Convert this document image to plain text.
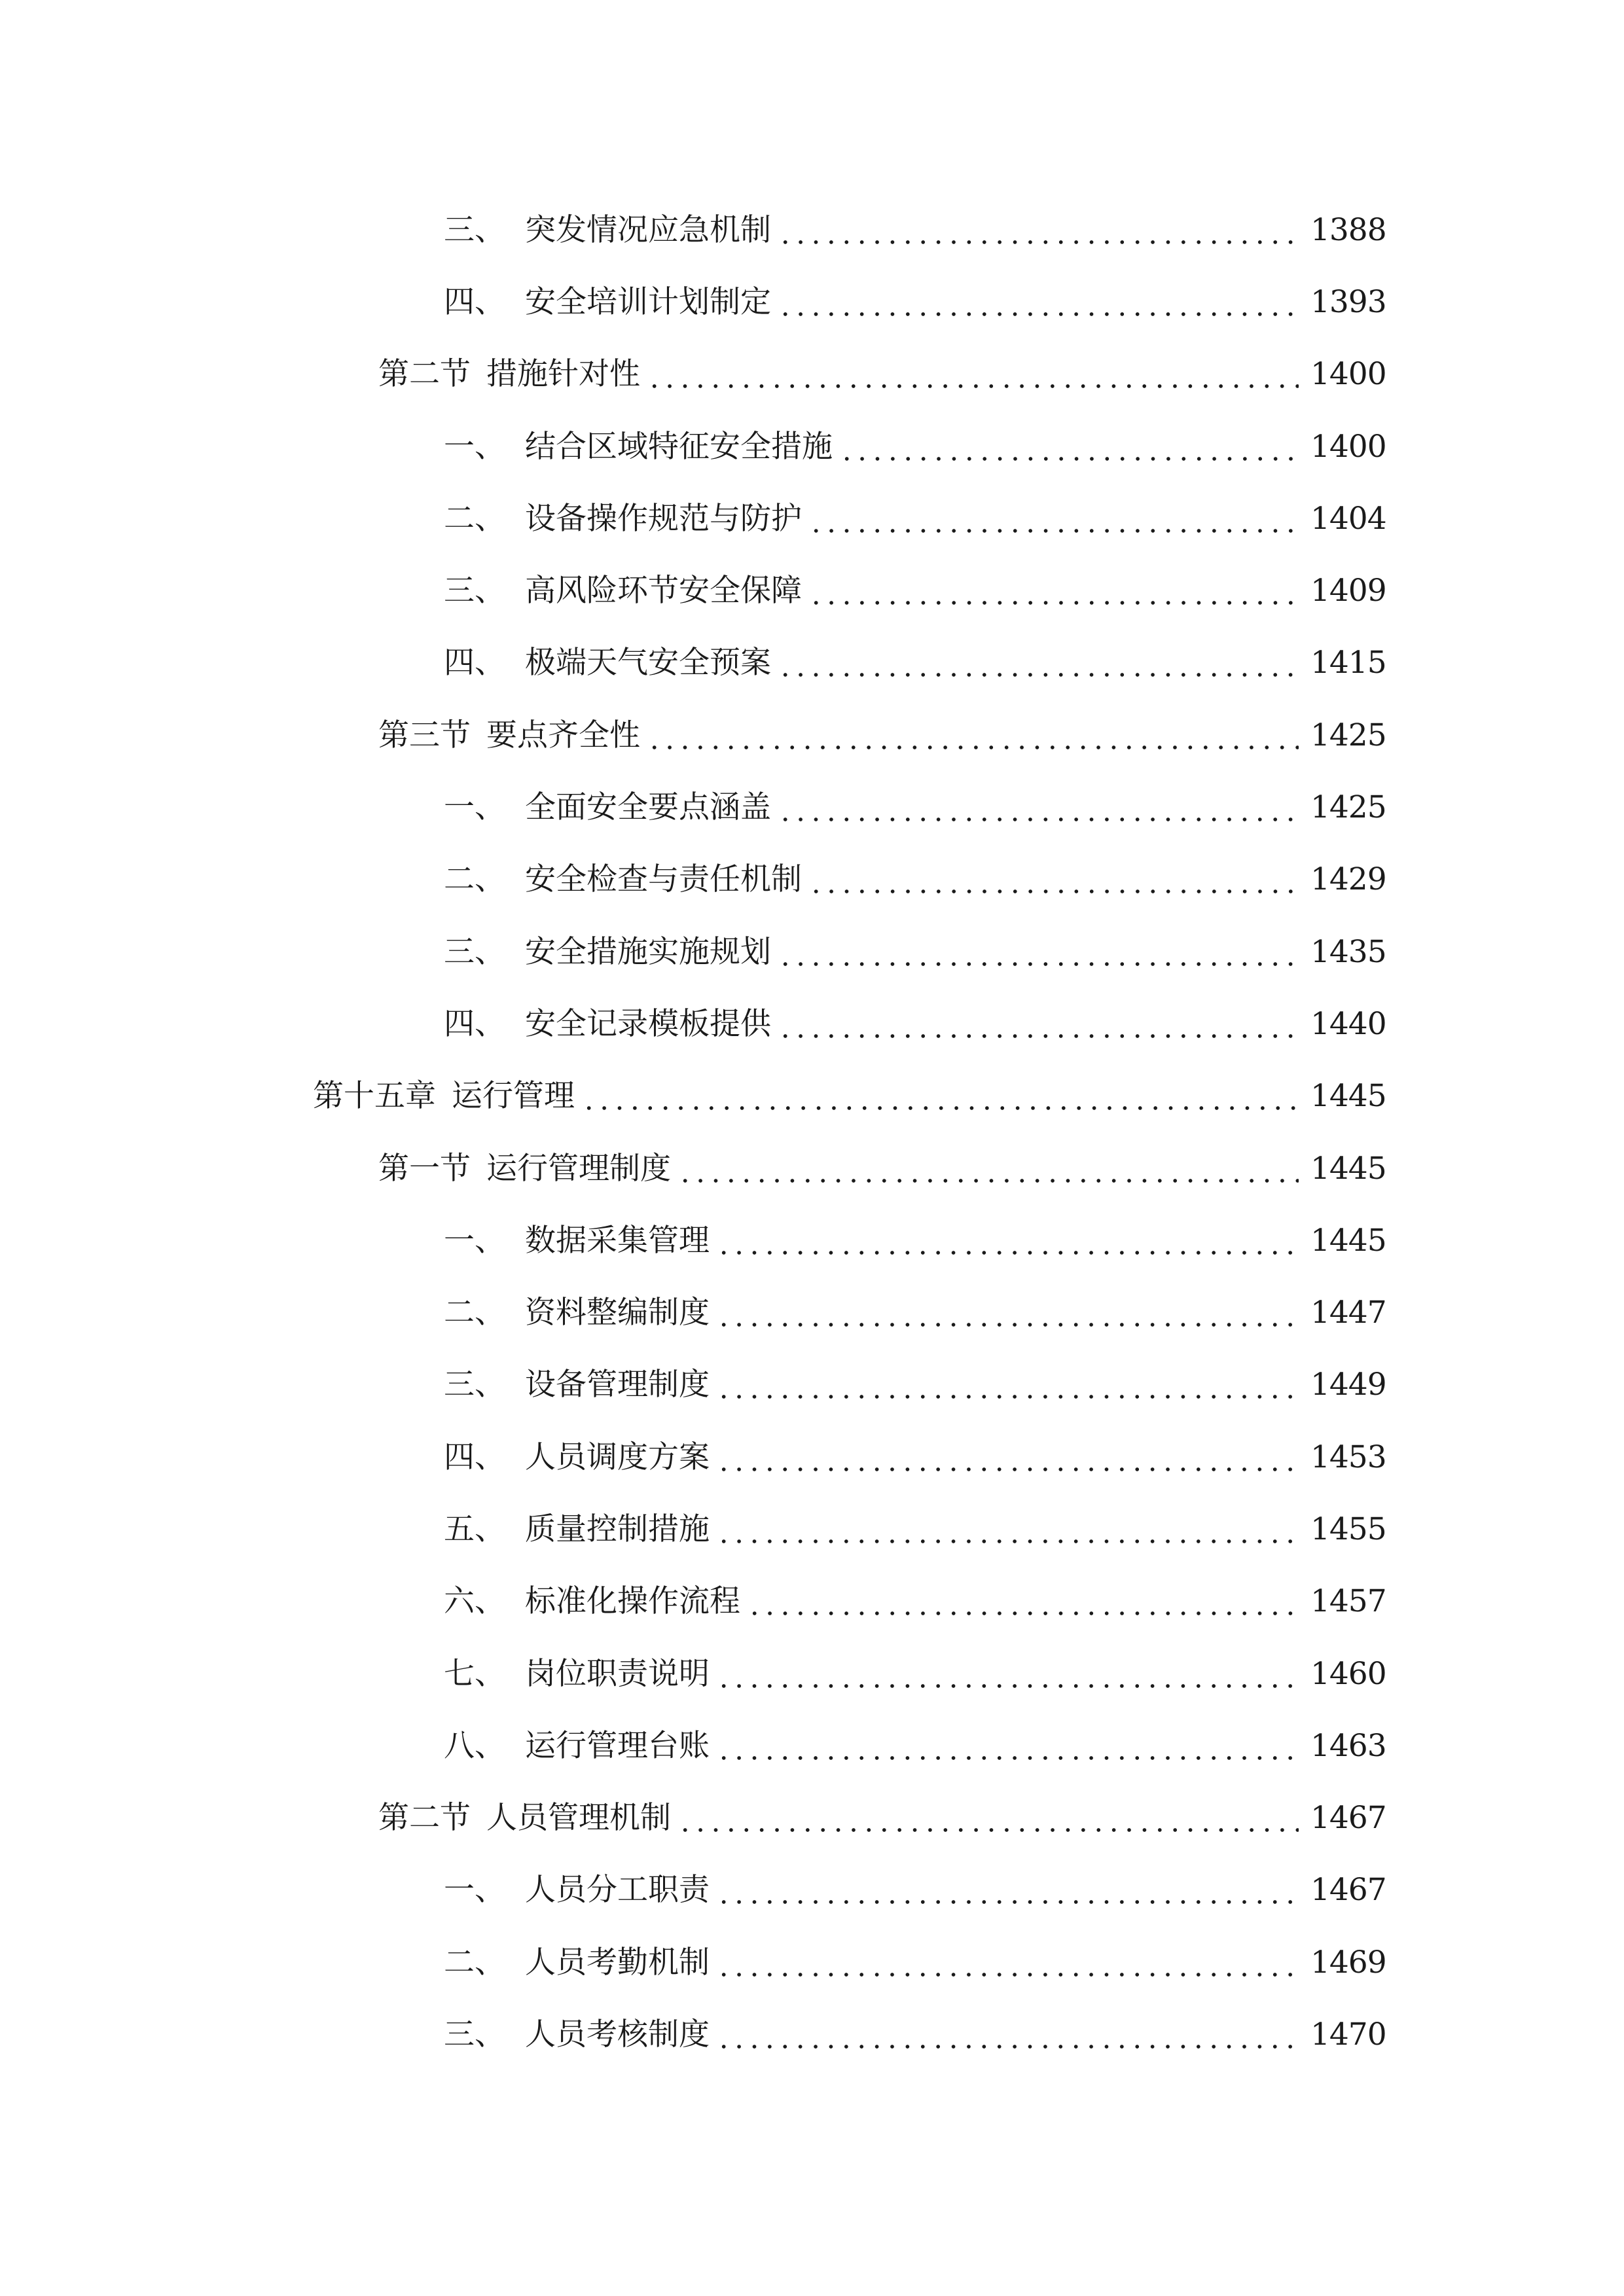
三、 突发情况应急机制	1388
四、 安全培训计划制定	1393
第二节 措施针对性	1400
一、 结合区域特征安全措施	1400
二、 设备操作规范与防护	1404
三、 高风险环节安全保障	1409
四、 极端天气安全预案	1415
第三节 要点齐全性	1425
一、 全面安全要点涵盖	1425
二、 安全检查与责任机制	1429
三、 安全措施实施规划	1435
四、 安全记录模板提供	1440
第十五章 运行管理	1445
第一节 运行管理制度	1445
一、 数据采集管理	1445
二、 资料整编制度	1447
三、 设备管理制度	1449
四、 人员调度方案	1453
五、 质量控制措施	1455
六、 标准化操作流程	1457
七、 岗位职责说明	1460
八、 运行管理台账	1463
第二节 人员管理机制	1467
一、 人员分工职责	1467
二、 人员考勤机制	1469
三、 人员考核制度	1470
